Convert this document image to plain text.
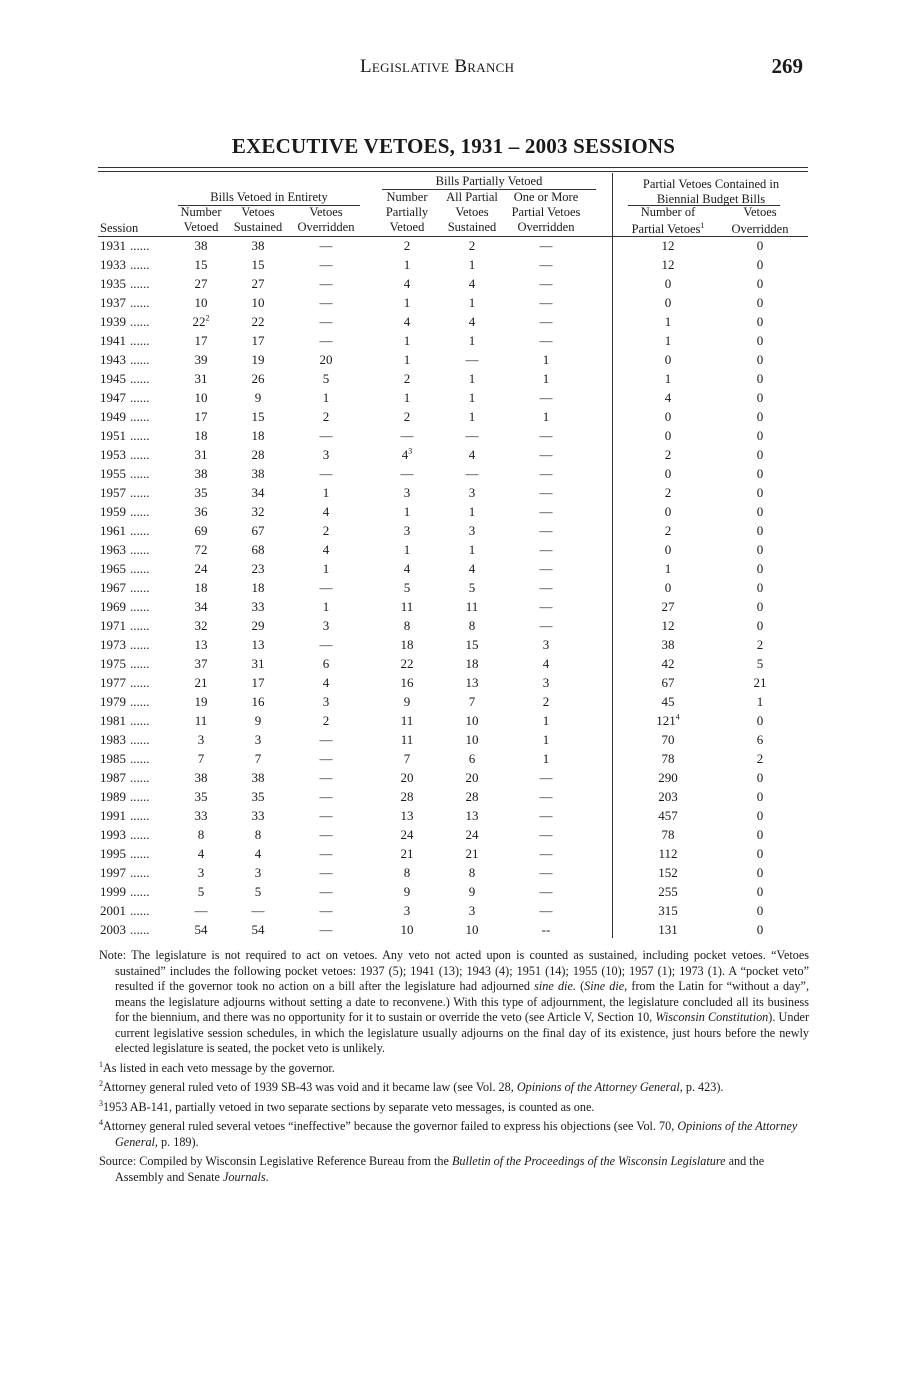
Legislative Branch	269
EXECUTIVE VETOES, 1931 – 2003 SESSIONS
Bills Partially Vetoed	Partial Vetoes Contained in
Biennial Budget Bills
Bills Vetoed in Entirety	Number	All Partial	One or More
Number	Vetoes	Vetoes	Partially	Vetoes	Partial Vetoes	Number of	Vetoes
Session	Vetoed	Sustained	Overridden	Vetoed	Sustained	Overridden	Partial Vetoes$^1$	Overridden
1931 ......	38	38	—	2	2	—	12	0
1933 ......	15	15	—	1	1	—	12	0
1935 ......	27	27	—	4	4	—	0	0
1937 ......	10	10	—	1	1	—	0	0
1939 ......	$22^2$	22	—	4	4	—	1	0
1941 ......	17	17	—	1	1	—	1	0
1943 ......	39	19	20	1	—	1	0	0
1945 ......	31	26	5	2	1	1	1	0
1947 ......	10	9	1	1	1	—	4	0
1949 ......	17	15	2	2	1	1	0	0
1951 ......	18	18	—	—	—	—	0	0
1953 ......	31	28	3	$4^3$	4	—	2	0
1955 ......	38	38	—	—	—	—	0	0
1957 ......	35	34	1	3	3	—	2	0
1959 ......	36	32	4	1	1	—	0	0
1961 ......	69	67	2	3	3	—	2	0
1963 ......	72	68	4	1	1	—	0	0
1965 ......	24	23	1	4	4	—	1	0
1967 ......	18	18	—	5	5	—	0	0
1969 ......	34	33	1	11	11	—	27	0
1971 ......	32	29	3	8	8	—	12	0
1973 ......	13	13	—	18	15	3	38	2
1975 ......	37	31	6	22	18	4	42	5
1977 ......	21	17	4	16	13	3	67	21
1979 ......	19	16	3	9	7	2	45	1
1981 ......	11	9	2	11	10	1	$121^4$	0
1983 ......	3	3	—	11	10	1	70	6
1985 ......	7	7	—	7	6	1	78	2
1987 ......	38	38	—	20	20	—	290	0
1989 ......	35	35	—	28	28	—	203	0
1991 ......	33	33	—	13	13	—	457	0
1993 ......	8	8	—	24	24	—	78	0
1995 ......	4	4	—	21	21	—	112	0
1997 ......	3	3	—	8	8	—	152	0
1999 ......	5	5	—	9	9	—	255	0
2001 ......	—	—	—	3	3	—	315	0
2003 ......	54	54	—	10	10	--	131	0

Note: The legislature is not required to act on vetoes. Any veto not acted upon is counted as sustained, including pocket vetoes. “Vetoes sustained” includes the following pocket vetoes: 1937 (5); 1941 (13); 1943 (4); 1951 (14); 1955 (10); 1957 (1); 1973 (1). A “pocket veto” resulted if the governor took no action on a bill after the legislature had adjourned sine die. (Sine die, from the Latin for “without a day”, means the legislature adjourns without setting a date to reconvene.) With this type of adjournment, the legislature concluded all its business for the biennium, and there was no opportunity for it to sustain or override the veto (see Article V, Section 10, Wisconsin Constitution). Under current legislative session schedules, in which the legislature usually adjourns on the final day of its existence, just hours before the newly elected legislature is seated, the pocket veto is unlikely.

$^1$As listed in each veto message by the governor.

$^2$Attorney general ruled veto of 1939 SB-43 was void and it became law (see Vol. 28, Opinions of the Attorney General, p. 423).

$^3$1953 AB-141, partially vetoed in two separate sections by separate veto messages, is counted as one.

$^4$Attorney general ruled several vetoes “ineffective” because the governor failed to express his objections (see Vol. 70, Opinions of the Attorney General, p. 189).

Source: Compiled by Wisconsin Legislative Reference Bureau from the Bulletin of the Proceedings of the Wisconsin Legislature and the Assembly and Senate Journals.
